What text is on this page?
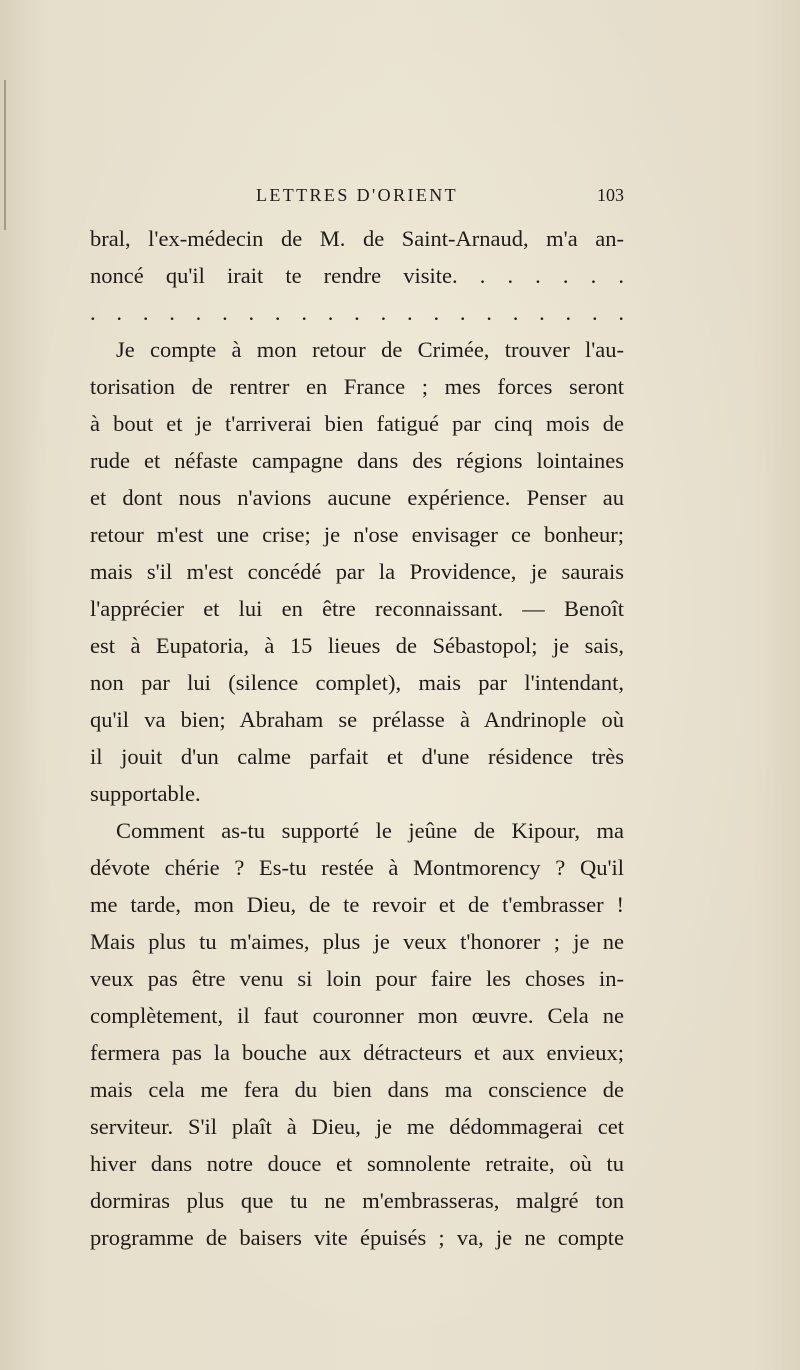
LETTRES D'ORIENT	103
bral, l'ex-médecin de M. de Saint-Arnaud, m'a an-
noncé qu'il irait te rendre visite. . . . . . .
. . . . . . . . . . . . . . . . . . . . .
Je compte à mon retour de Crimée, trouver l'au-
torisation de rentrer en France ; mes forces seront
à bout et je t'arriverai bien fatigué par cinq mois de
rude et néfaste campagne dans des régions lointaines
et dont nous n'avions aucune expérience. Penser au
retour m'est une crise; je n'ose envisager ce bonheur;
mais s'il m'est concédé par la Providence, je saurais
l'apprécier et lui en être reconnaissant. — Benoît
est à Eupatoria, à 15 lieues de Sébastopol; je sais,
non par lui (silence complet), mais par l'intendant,
qu'il va bien; Abraham se prélasse à Andrinople où
il jouit d'un calme parfait et d'une résidence très
supportable.
Comment as-tu supporté le jeûne de Kipour, ma
dévote chérie ? Es-tu restée à Montmorency ? Qu'il
me tarde, mon Dieu, de te revoir et de t'embrasser !
Mais plus tu m'aimes, plus je veux t'honorer ; je ne
veux pas être venu si loin pour faire les choses in-
complètement, il faut couronner mon œuvre. Cela ne
fermera pas la bouche aux détracteurs et aux envieux;
mais cela me fera du bien dans ma conscience de
serviteur. S'il plaît à Dieu, je me dédommagerai cet
hiver dans notre douce et somnolente retraite, où tu
dormiras plus que tu ne m'embrasseras, malgré ton
programme de baisers vite épuisés ; va, je ne compte
